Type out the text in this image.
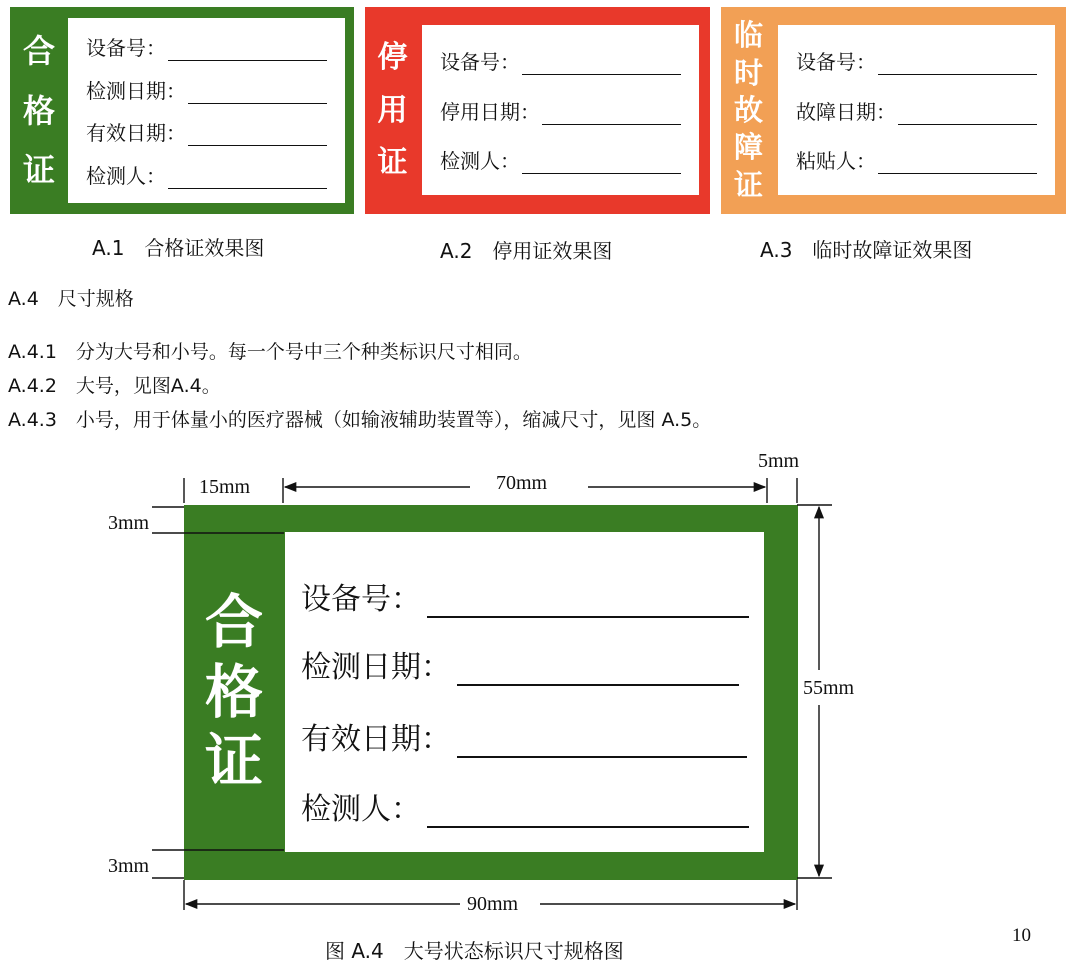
合
格
证
设备号：
检测日期：
有效日期：
检测人：
停
用
证
设备号：
停用日期：
检测人：
临
时
故
障
证
设备号：
故障日期：
粘贴人：
A.1  合格证效果图	A.2  停用证效果图	A.3  临时故障证效果图
A.4  尺寸规格
A.4.1  分为大号和小号。每一个号中三个种类标识尺寸相同。
A.4.2  大号，见图A.4。
A.4.3  小号，用于体量小的医疗器械（如输液辅助装置等），缩减尺寸，见图 A.5。
合
格
证
设备号：
检测日期：
有效日期：
检测人：
15mm	70mm
5mm
3mm
3mm
55mm
90mm
图 A.4　大号状态标识尺寸规格图
10
